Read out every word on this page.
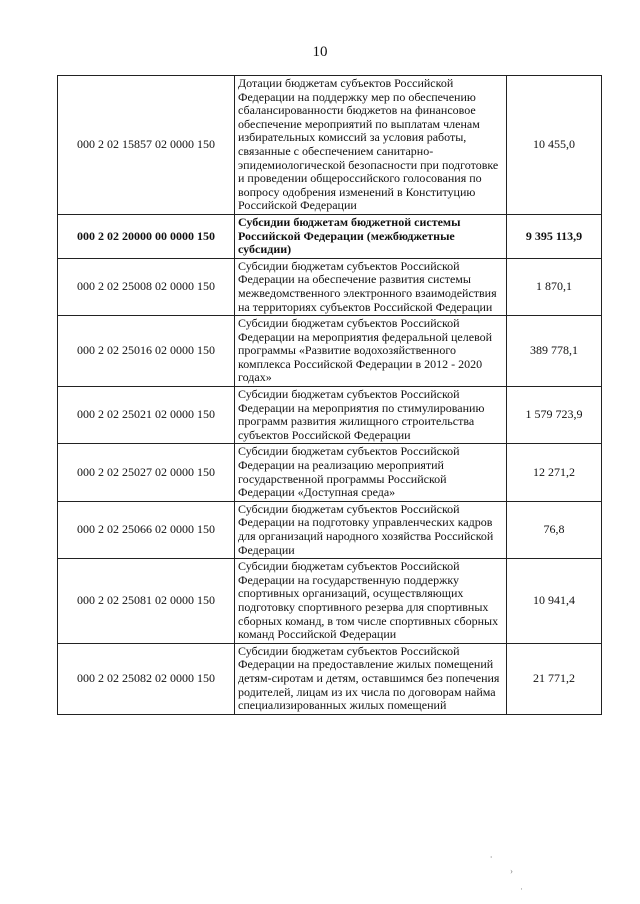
10
000 2 02 15857 02 0000 150	Дотации бюджетам субъектов Российской Федерации на поддержку мер по обеспечению сбалансированности бюджетов на финансовое обеспечение мероприятий по выплатам членам избирательных комиссий за условия работы, связанные с обеспечением санитарно-эпидемиологической безопасности при подготовке и проведении общероссийского голосования по вопросу одобрения изменений в Конституцию Российской Федерации	10 455,0
000 2 02 20000 00 0000 150	Субсидии бюджетам бюджетной системы Российской Федерации (межбюджетные субсидии)	9 395 113,9
000 2 02 25008 02 0000 150	Субсидии бюджетам субъектов Российской Федерации на обеспечение развития системы межведомственного электронного взаимодействия на территориях субъектов Российской Федерации	1 870,1
000 2 02 25016 02 0000 150	Субсидии бюджетам субъектов Российской Федерации на мероприятия федеральной целевой программы «Развитие водохозяйственного комплекса Российской Федерации в 2012 - 2020 годах»	389 778,1
000 2 02 25021 02 0000 150	Субсидии бюджетам субъектов Российской Федерации на мероприятия по стимулированию программ развития жилищного строительства субъектов Российской Федерации	1 579 723,9
000 2 02 25027 02 0000 150	Субсидии бюджетам субъектов Российской Федерации на реализацию мероприятий государственной программы Российской Федерации «Доступная среда»	12 271,2
000 2 02 25066 02 0000 150	Субсидии бюджетам субъектов Российской Федерации на подготовку управленческих кадров для организаций народного хозяйства Российской Федерации	76,8
000 2 02 25081 02 0000 150	Субсидии бюджетам субъектов Российской Федерации на государственную поддержку спортивных организаций, осуществляющих подготовку спортивного резерва для спортивных сборных команд, в том числе спортивных сборных команд Российской Федерации	10 941,4
000 2 02 25082 02 0000 150	Субсидии бюджетам субъектов Российской Федерации на предоставление жилых помещений детям-сиротам и детям, оставшимся без попечения родителей, лицам из их числа по договорам найма специализированных жилых помещений	21 771,2
⸱
›
·
